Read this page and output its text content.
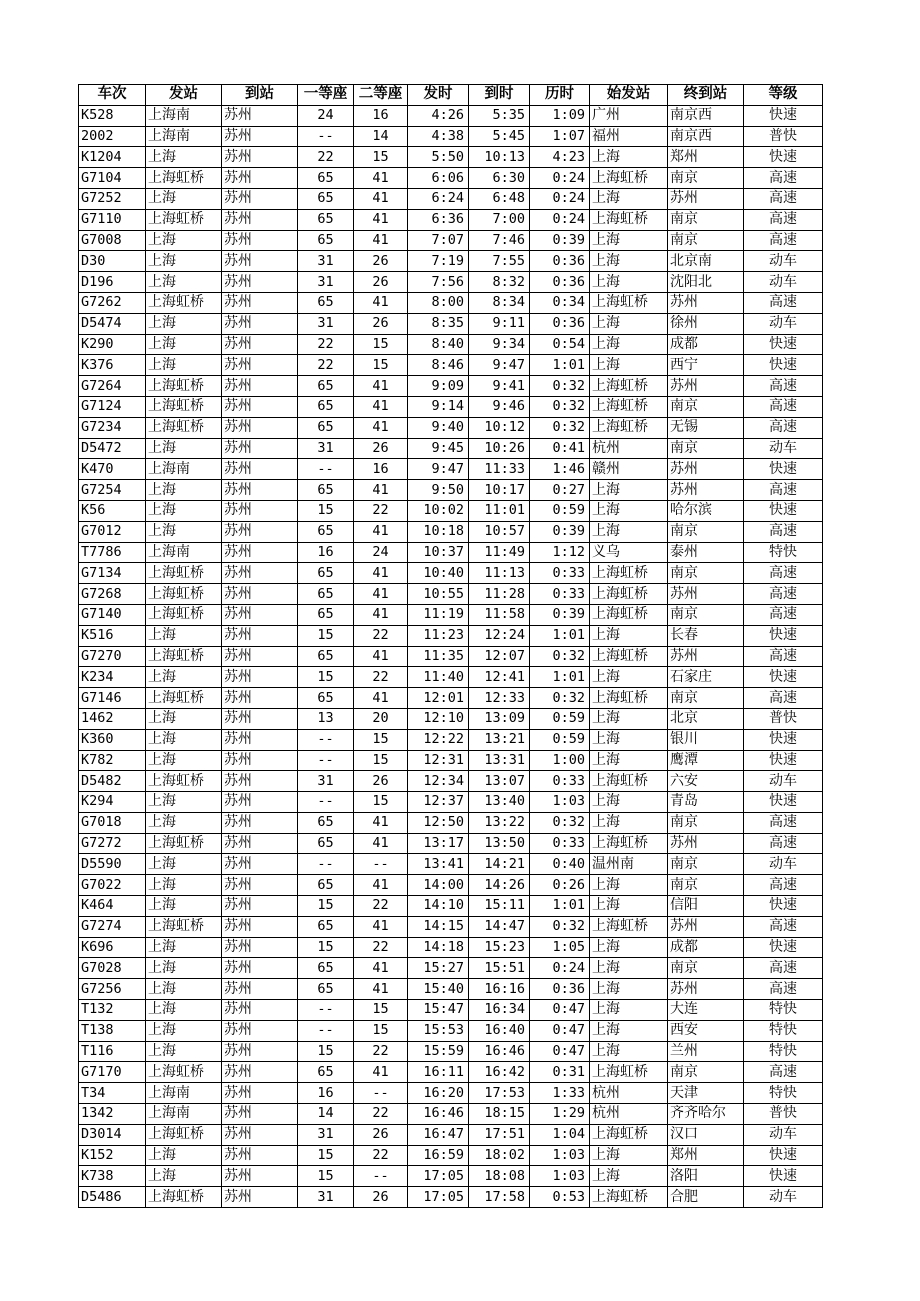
车次	发站	到站	一等座	二等座	发时	到时	历时	始发站	终到站	等级
K528	上海南	苏州	24	16	4:26	5:35	1:09	广州	南京西	快速
2002	上海南	苏州	--	14	4:38	5:45	1:07	福州	南京西	普快
K1204	上海	苏州	22	15	5:50	10:13	4:23	上海	郑州	快速
G7104	上海虹桥	苏州	65	41	6:06	6:30	0:24	上海虹桥	南京	高速
G7252	上海	苏州	65	41	6:24	6:48	0:24	上海	苏州	高速
G7110	上海虹桥	苏州	65	41	6:36	7:00	0:24	上海虹桥	南京	高速
G7008	上海	苏州	65	41	7:07	7:46	0:39	上海	南京	高速
D30	上海	苏州	31	26	7:19	7:55	0:36	上海	北京南	动车
D196	上海	苏州	31	26	7:56	8:32	0:36	上海	沈阳北	动车
G7262	上海虹桥	苏州	65	41	8:00	8:34	0:34	上海虹桥	苏州	高速
D5474	上海	苏州	31	26	8:35	9:11	0:36	上海	徐州	动车
K290	上海	苏州	22	15	8:40	9:34	0:54	上海	成都	快速
K376	上海	苏州	22	15	8:46	9:47	1:01	上海	西宁	快速
G7264	上海虹桥	苏州	65	41	9:09	9:41	0:32	上海虹桥	苏州	高速
G7124	上海虹桥	苏州	65	41	9:14	9:46	0:32	上海虹桥	南京	高速
G7234	上海虹桥	苏州	65	41	9:40	10:12	0:32	上海虹桥	无锡	高速
D5472	上海	苏州	31	26	9:45	10:26	0:41	杭州	南京	动车
K470	上海南	苏州	--	16	9:47	11:33	1:46	赣州	苏州	快速
G7254	上海	苏州	65	41	9:50	10:17	0:27	上海	苏州	高速
K56	上海	苏州	15	22	10:02	11:01	0:59	上海	哈尔滨	快速
G7012	上海	苏州	65	41	10:18	10:57	0:39	上海	南京	高速
T7786	上海南	苏州	16	24	10:37	11:49	1:12	义乌	泰州	特快
G7134	上海虹桥	苏州	65	41	10:40	11:13	0:33	上海虹桥	南京	高速
G7268	上海虹桥	苏州	65	41	10:55	11:28	0:33	上海虹桥	苏州	高速
G7140	上海虹桥	苏州	65	41	11:19	11:58	0:39	上海虹桥	南京	高速
K516	上海	苏州	15	22	11:23	12:24	1:01	上海	长春	快速
G7270	上海虹桥	苏州	65	41	11:35	12:07	0:32	上海虹桥	苏州	高速
K234	上海	苏州	15	22	11:40	12:41	1:01	上海	石家庄	快速
G7146	上海虹桥	苏州	65	41	12:01	12:33	0:32	上海虹桥	南京	高速
1462	上海	苏州	13	20	12:10	13:09	0:59	上海	北京	普快
K360	上海	苏州	--	15	12:22	13:21	0:59	上海	银川	快速
K782	上海	苏州	--	15	12:31	13:31	1:00	上海	鹰潭	快速
D5482	上海虹桥	苏州	31	26	12:34	13:07	0:33	上海虹桥	六安	动车
K294	上海	苏州	--	15	12:37	13:40	1:03	上海	青岛	快速
G7018	上海	苏州	65	41	12:50	13:22	0:32	上海	南京	高速
G7272	上海虹桥	苏州	65	41	13:17	13:50	0:33	上海虹桥	苏州	高速
D5590	上海	苏州	--	--	13:41	14:21	0:40	温州南	南京	动车
G7022	上海	苏州	65	41	14:00	14:26	0:26	上海	南京	高速
K464	上海	苏州	15	22	14:10	15:11	1:01	上海	信阳	快速
G7274	上海虹桥	苏州	65	41	14:15	14:47	0:32	上海虹桥	苏州	高速
K696	上海	苏州	15	22	14:18	15:23	1:05	上海	成都	快速
G7028	上海	苏州	65	41	15:27	15:51	0:24	上海	南京	高速
G7256	上海	苏州	65	41	15:40	16:16	0:36	上海	苏州	高速
T132	上海	苏州	--	15	15:47	16:34	0:47	上海	大连	特快
T138	上海	苏州	--	15	15:53	16:40	0:47	上海	西安	特快
T116	上海	苏州	15	22	15:59	16:46	0:47	上海	兰州	特快
G7170	上海虹桥	苏州	65	41	16:11	16:42	0:31	上海虹桥	南京	高速
T34	上海南	苏州	16	--	16:20	17:53	1:33	杭州	天津	特快
1342	上海南	苏州	14	22	16:46	18:15	1:29	杭州	齐齐哈尔	普快
D3014	上海虹桥	苏州	31	26	16:47	17:51	1:04	上海虹桥	汉口	动车
K152	上海	苏州	15	22	16:59	18:02	1:03	上海	郑州	快速
K738	上海	苏州	15	--	17:05	18:08	1:03	上海	洛阳	快速
D5486	上海虹桥	苏州	31	26	17:05	17:58	0:53	上海虹桥	合肥	动车
